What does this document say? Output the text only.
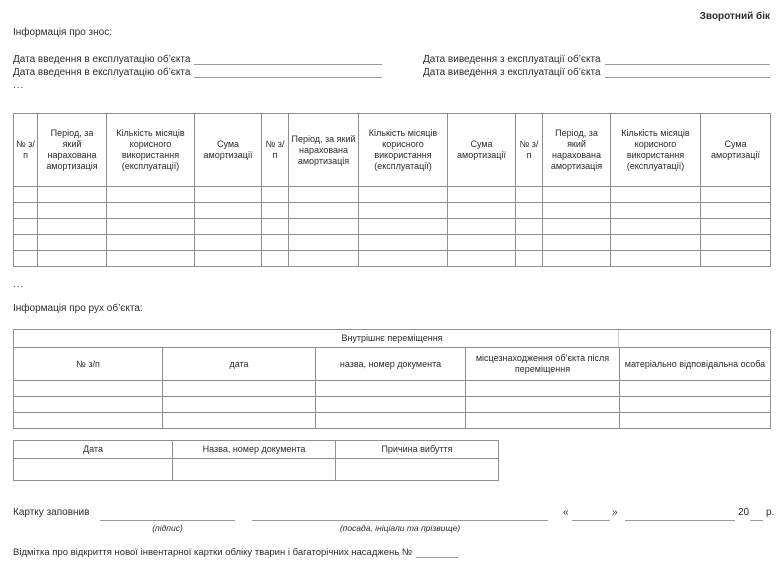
Зворотний бік
Інформація про знос:
Дата введення в експлуатацію об’єкта
Дата введення в експлуатацію об’єкта
Дата виведення з експлуатації об’єкта
Дата виведення з експлуатації об’єкта
...
№ з/п	Період, за який нарахована амортизація	Кількість місяців корисного використання (експлуатації)	Сума амортизації	№ з/п	Період, за який нарахована амортизація	Кількість місяців корисного використання (експлуатації)	Сума амортизації	№ з/п	Період, за який нарахована амортизація	Кількість місяців корисного використання (експлуатації)	Сума амортизації

...
Інформація про рух об’єкта:
Внутрішнє переміщення				
№ з/п	дата	назва, номер документа	місцезнаходження об’єкта після переміщення	матеріально відповідальна особа

Дата	Назва, номер документа	Причина вибуття

Картку заповнив
(підпис)	(посада, ініціали та прізвище)
«	»	20 р.
Відмітка про відкриття нової інвентарної картки обліку тварин і багаторічних насаджень №
